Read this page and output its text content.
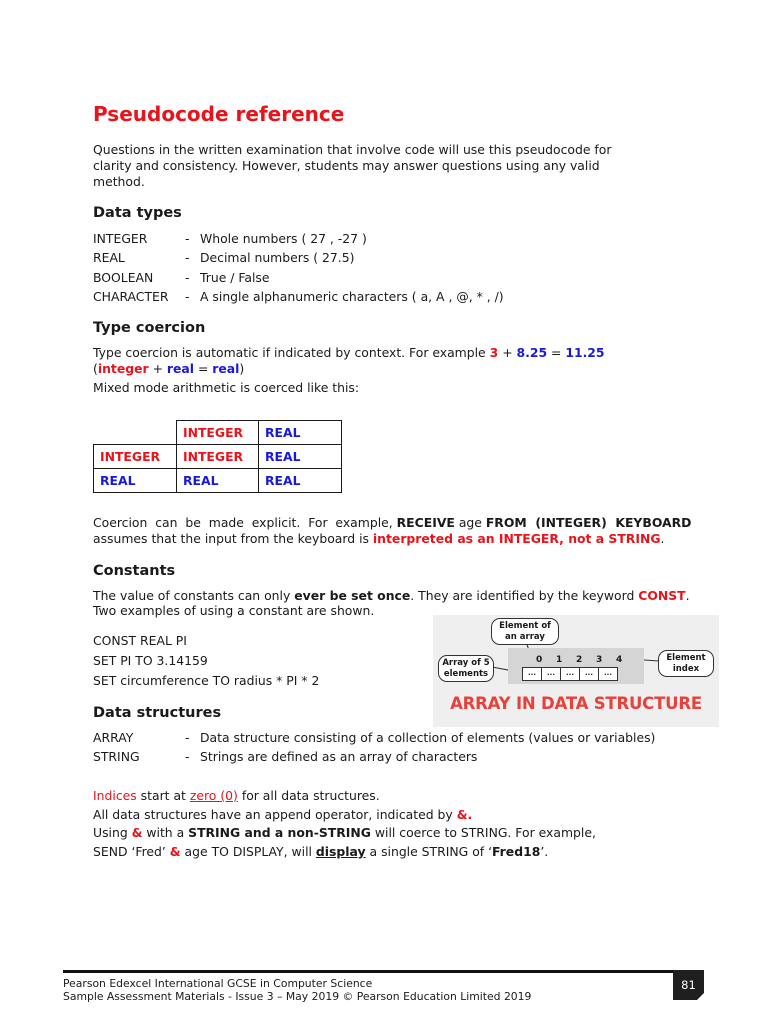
Pseudocode reference
Questions in the written examination that involve code will use this pseudocode for
clarity and consistency. However, students may answer questions using any valid
method.
Data types
INTEGER	- Whole numbers ( 27 , -27 )
REAL	- Decimal numbers ( 27.5)
BOOLEAN	- True / False
CHARACTER - A single alphanumeric characters ( a, A , @, * , /)
Type coercion
Type coercion is automatic if indicated by context. For example 3 + 8.25 = 11.25
(integer + real = real)
Mixed mode arithmetic is coerced like this:
	INTEGER	REAL
INTEGER	INTEGER	REAL
REAL	REAL	REAL
Coercion  can  be  made  explicit.  For  example, RECEIVE age FROM  (INTEGER)  KEYBOARD
assumes that the input from the keyboard is interpreted as an INTEGER, not a STRING.
Constants
The value of constants can only ever be set once. They are identified by the keyword CONST.
Two examples of using a constant are shown.
CONST REAL PI
SET PI TO 3.14159
SET circumference TO radius * PI * 2
Element of an array
Array of 5 elements
Element index
0 1 2 3 4
...	...	...	...	...
ARRAY IN DATA STRUCTURE
Data structures
ARRAY	- Data structure consisting of a collection of elements (values or variables)
STRING	- Strings are defined as an array of characters
Indices start at zero (0) for all data structures.
All data structures have an append operator, indicated by &.
Using & with a STRING and a non-STRING will coerce to STRING. For example,
SEND ‘Fred’ & age TO DISPLAY, will display a single STRING of ‘Fred18’.
Pearson Edexcel International GCSE in Computer Science
Sample Assessment Materials - Issue 3 – May 2019 © Pearson Education Limited 2019
81
